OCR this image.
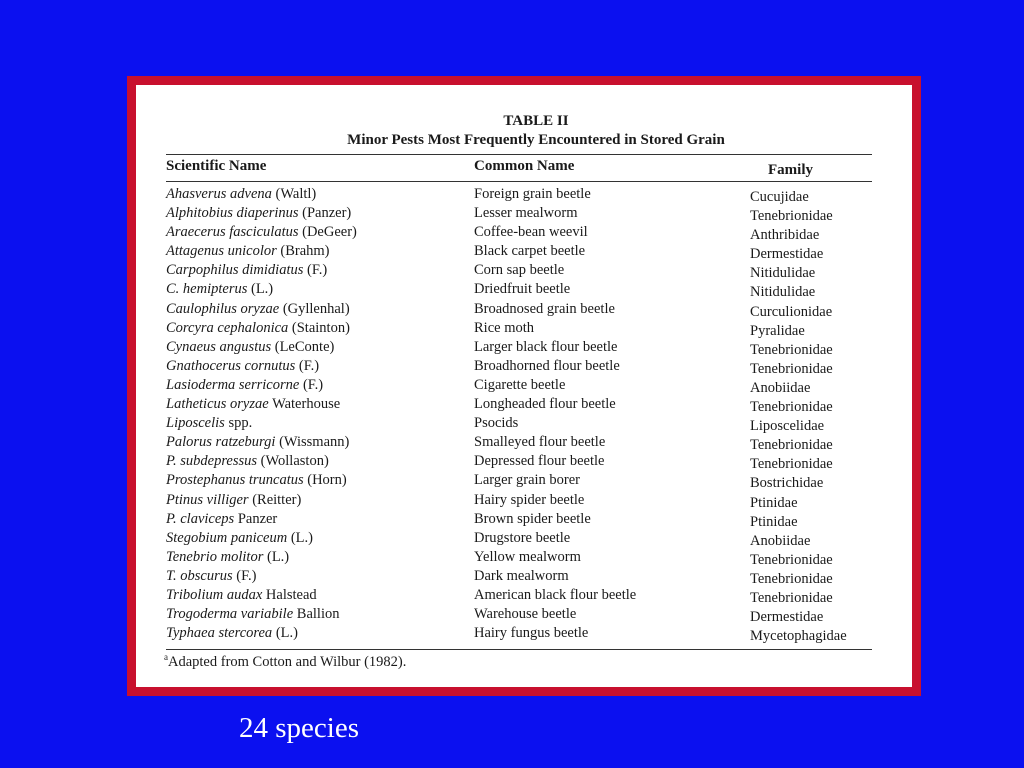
TABLE II
Minor Pests Most Frequently Encountered in Stored Grain
Scientific Name	Common Name	Family
Ahasverus advena (Waltl)	Foreign grain beetle	Cucujidae
Alphitobius diaperinus (Panzer)	Lesser mealworm	Tenebrionidae
Araecerus fasciculatus (DeGeer)	Coffee-bean weevil	Anthribidae
Attagenus unicolor (Brahm)	Black carpet beetle	Dermestidae
Carpophilus dimidiatus (F.)	Corn sap beetle	Nitidulidae
C. hemipterus (L.)	Driedfruit beetle	Nitidulidae
Caulophilus oryzae (Gyllenhal)	Broadnosed grain beetle	Curculionidae
Corcyra cephalonica (Stainton)	Rice moth	Pyralidae
Cynaeus angustus (LeConte)	Larger black flour beetle	Tenebrionidae
Gnathocerus cornutus (F.)	Broadhorned flour beetle	Tenebrionidae
Lasioderma serricorne (F.)	Cigarette beetle	Anobiidae
Latheticus oryzae Waterhouse	Longheaded flour beetle	Tenebrionidae
Liposcelis spp.	Psocids	Liposcelidae
Palorus ratzeburgi (Wissmann)	Smalleyed flour beetle	Tenebrionidae
P. subdepressus (Wollaston)	Depressed flour beetle	Tenebrionidae
Prostephanus truncatus (Horn)	Larger grain borer	Bostrichidae
Ptinus villiger (Reitter)	Hairy spider beetle	Ptinidae
P. claviceps Panzer	Brown spider beetle	Ptinidae
Stegobium paniceum (L.)	Drugstore beetle	Anobiidae
Tenebrio molitor (L.)	Yellow mealworm	Tenebrionidae
T. obscurus (F.)	Dark mealworm	Tenebrionidae
Tribolium audax Halstead	American black flour beetle	Tenebrionidae
Trogoderma variabile Ballion	Warehouse beetle	Dermestidae
Typhaea stercorea (L.)	Hairy fungus beetle	Mycetophagidae
$^a$Adapted from Cotton and Wilbur (1982).
24 species
